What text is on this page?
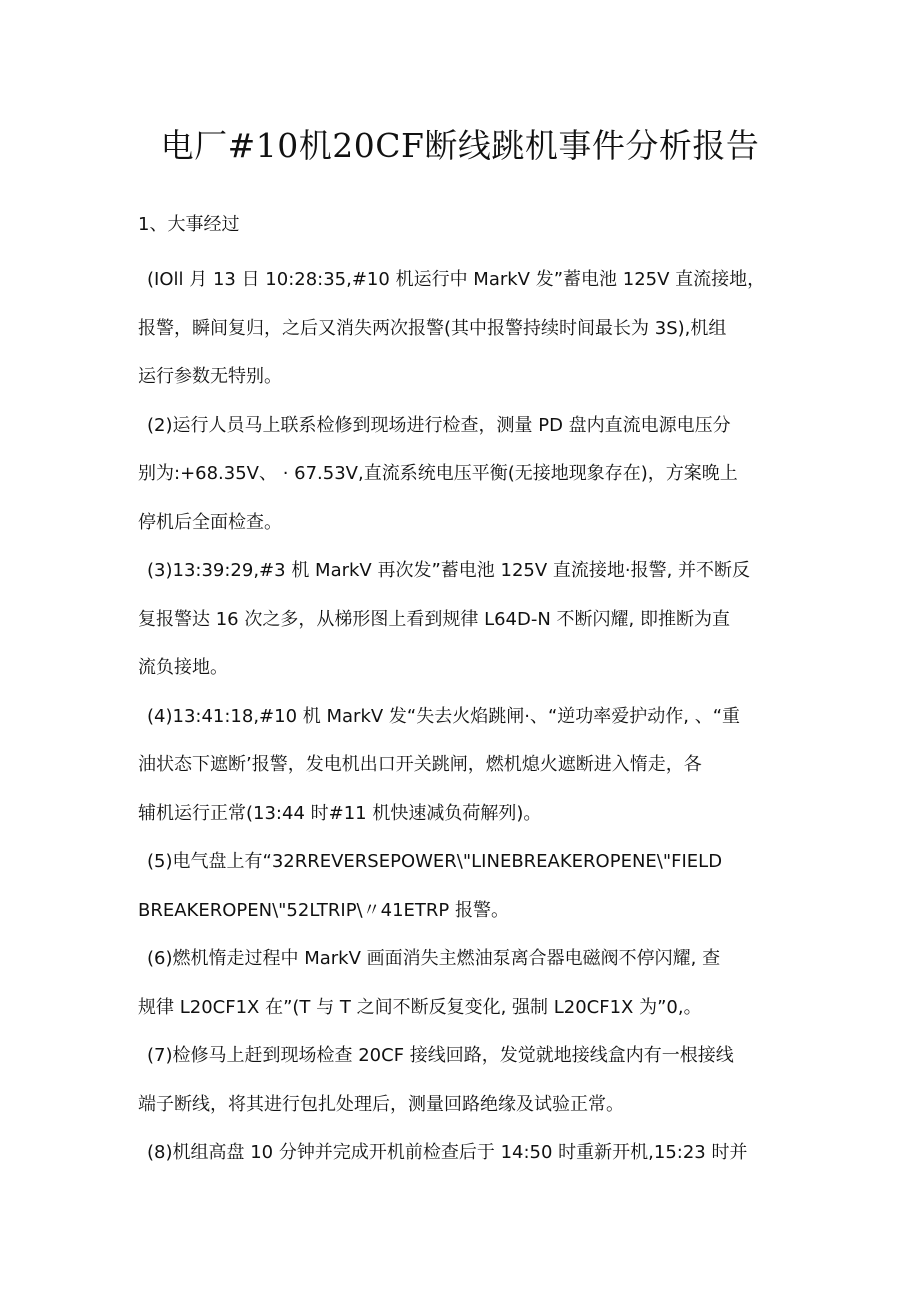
电厂#10机20CF断线跳机事件分析报告
1、大事经过

(IOll 月 13 日 10:28:35,#10 机运行中 MarkV 发”蓄电池 125V 直流接地，
报警，瞬间复归，之后又消失两次报警(其中报警持续时间最长为 3S),机组
运行参数无特别。

(2)运行人员马上联系检修到现场进行检查，测量 PD 盘内直流电源电压分
别为:+68.35V、 · 67.53V,直流系统电压平衡(无接地现象存在)，方案晚上
停机后全面检查。

(3)13:39:29,#3 机 MarkV 再次发”蓄电池 125V 直流接地·报警, 并不断反
复报警达 16 次之多，从梯形图上看到规律 L64D-N 不断闪耀, 即推断为直
流负接地。

(4)13:41:18,#10 机 MarkV 发“失去火焰跳闸·、“逆功率爱护动作, 、“重
油状态下遮断’报警，发电机出口开关跳闸，燃机熄火遮断进入惰走，各
辅机运行正常(13:44 时#11 机快速减负荷解列)。

(5)电气盘上有“32RREVERSEPOWER\"LINEBREAKEROPENE\"FIELD
BREAKEROPEN\"52LTRIP\〃41ETRP 报警。

(6)燃机惰走过程中 MarkV 画面消失主燃油泵离合器电磁阀不停闪耀, 查
规律 L20CF1X 在”(T 与 T 之间不断反复变化, 强制 L20CF1X 为”0,。

(7)检修马上赶到现场检查 20CF 接线回路，发觉就地接线盒内有一根接线
端子断线，将其进行包扎处理后，测量回路绝缘及试验正常。

(8)机组高盘 10 分钟并完成开机前检查后于 14:50 时重新开机,15:23 时并
